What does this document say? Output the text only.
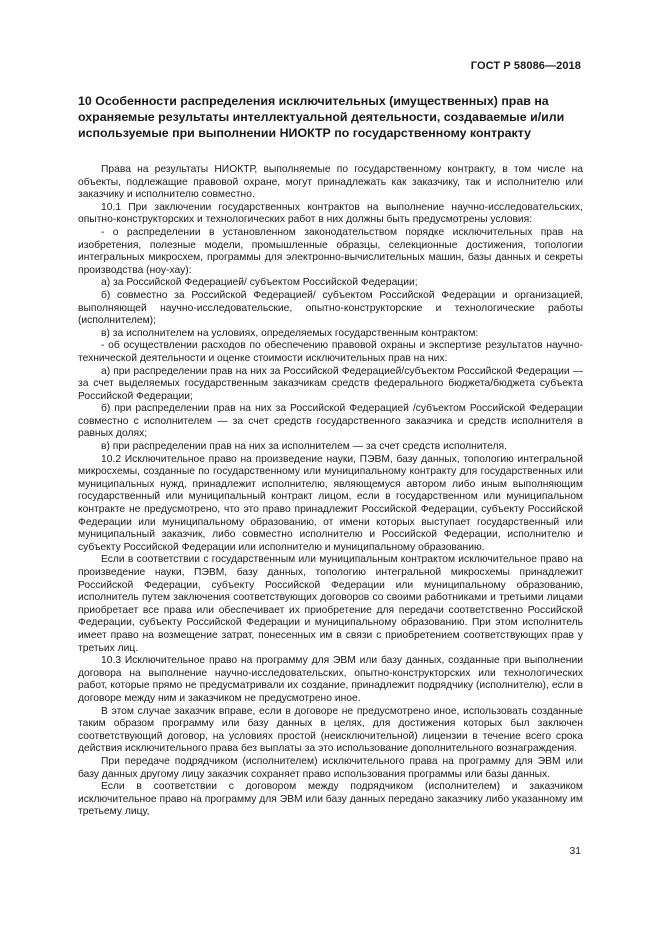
ГОСТ Р 58086—2018
10 Особенности распределения исключительных (имущественных) прав на охраняемые результаты интеллектуальной деятельности, создаваемые и/или используемые при выполнении НИОКТР по государственному контракту

Права на результаты НИОКТР, выполняемые по государственному контракту, в том числе на объекты, подлежащие правовой охране, могут принадлежать как заказчику, так и исполнителю или заказчику и исполнителю совместно.

10.1 При заключении государственных контрактов на выполнение научно-исследовательских, опытно-конструкторских и технологических работ в них должны быть предусмотрены условия:

- о распределении в установленном законодательством порядке исключительных прав на изобретения, полезные модели, промышленные образцы, селекционные достижения, топологии интегральных микросхем, программы для электронно-вычислительных машин, базы данных и секреты производства (ноу-хау):

а) за Российской Федерацией/ субъектом Российской Федерации;

б) совместно за Российской Федерацией/ субъектом Российской Федерации и организацией, выполняющей научно-исследовательские, опытно-конструкторские и технологические работы (исполнителем);

в) за исполнителем на условиях, определяемых государственным контрактом:

- об осуществлении расходов по обеспечению правовой охраны и экспертизе результатов научно-технической деятельности и оценке стоимости исключительных прав на них:

а) при распределении прав на них за Российской Федерацией/субъектом Российской Федерации — за счет выделяемых государственным заказчикам средств федерального бюджета/бюджета субъекта Российской Федерации;

б) при распределении прав на них за Российской Федерацией /субъектом Российской Федерации совместно с исполнителем — за счет средств государственного заказчика и средств исполнителя в равных долях;

в) при распределении прав на них за исполнителем — за счет средств исполнителя.

10.2 Исключительное право на произведение науки, ПЭВМ, базу данных, топологию интегральной микросхемы, созданные по государственному или муниципальному контракту для государственных или муниципальных нужд, принадлежит исполнителю, являющемуся автором либо иным выполняющим государственный или муниципальный контракт лицом, если в государственном или муниципальном контракте не предусмотрено, что это право принадлежит Российской Федерации, субъекту Российской Федерации или муниципальному образованию, от имени которых выступает государственный или муниципальный заказчик, либо совместно исполнителю и Российской Федерации, исполнителю и субъекту Российской Федерации или исполнителю и муниципальному образованию.

Если в соответствии с государственным или муниципальным контрактом исключительное право на произведение науки, ПЭВМ, базу данных, топологию интегральной микросхемы принадлежит Российской Федерации, субъекту Российской Федерации или муниципальному образованию, исполнитель путем заключения соответствующих договоров со своими работниками и третьими лицами приобретает все права или обеспечивает их приобретение для передачи соответственно Российской Федерации, субъекту Российской Федерации и муниципальному образованию. При этом исполнитель имеет право на возмещение затрат, понесенных им в связи с приобретением соответствующих прав у третьих лиц.

10.3 Исключительное право на программу для ЭВМ или базу данных, созданные при выполнении договора на выполнение научно-исследовательских, опытно-конструкторских или технологических работ, которые прямо не предусматривали их создание, принадлежит подрядчику (исполнителю), если в договоре между ним и заказчиком не предусмотрено иное.

В этом случае заказчик вправе, если в договоре не предусмотрено иное, использовать созданные таким образом программу или базу данных в целях, для достижения которых был заключен соответствующий договор, на условиях простой (неисключительной) лицензии в течение всего срока действия исключительного права без выплаты за это использование дополнительного вознаграждения.

При передаче подрядчиком (исполнителем) исключительного права на программу для ЭВМ или базу данных другому лицу заказчик сохраняет право использования программы или базы данных.

Если в соответствии с договором между подрядчиком (исполнителем) и заказчиком исключительное право на программу для ЭВМ или базу данных передано заказчику либо указанному им третьему лицу,

31
